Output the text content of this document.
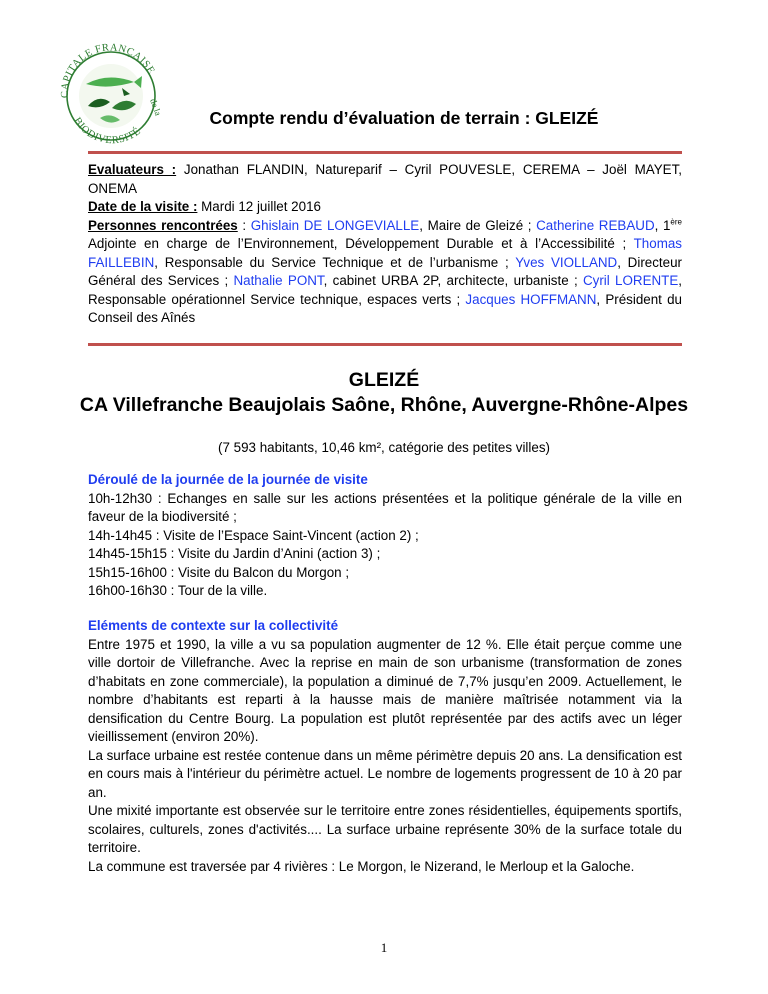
CAPITALE FRANÇAISE
de la
BIODIVERSITÉ
Compte rendu d’évaluation de terrain : GLEIZÉ
Evaluateurs : Jonathan FLANDIN, Natureparif – Cyril POUVESLE, CEREMA – Joël MAYET, ONEMA
Date de la visite : Mardi 12 juillet 2016
Personnes rencontrées : Ghislain DE LONGEVIALLE, Maire de Gleizé ; Catherine REBAUD, 1ère Adjointe en charge de l’Environnement, Développement Durable et à l’Accessibilité ; Thomas FAILLEBIN, Responsable du Service Technique et de l’urbanisme ; Yves VIOLLAND, Directeur Général des Services ; Nathalie PONT, cabinet URBA 2P, architecte, urbaniste ; Cyril LORENTE, Responsable opérationnel Service technique, espaces verts ; Jacques HOFFMANN, Président du Conseil des Aînés
GLEIZÉ
CA Villefranche Beaujolais Saône, Rhône, Auvergne-Rhône-Alpes
(7 593 habitants, 10,46 km², catégorie des petites villes)
Déroulé de la journée de la journée de visite
10h-12h30 : Echanges en salle sur les actions présentées et la politique générale de la ville en faveur de la biodiversité ;
14h-14h45 : Visite de l’Espace Saint-Vincent (action 2) ;
14h45-15h15 : Visite du Jardin d’Anini (action 3) ;
15h15-16h00 : Visite du Balcon du Morgon ;
16h00-16h30 : Tour de la ville.
Eléments de contexte sur la collectivité
Entre 1975 et 1990, la ville a vu sa population augmenter de 12 %. Elle était perçue comme une ville dortoir de Villefranche. Avec la reprise en main de son urbanisme (transformation de zones d’habitats en zone commerciale), la population a diminué de 7,7% jusqu’en 2009. Actuellement, le nombre d’habitants est reparti à la hausse mais de manière maîtrisée notamment via la densification du Centre Bourg. La population est plutôt représentée par des actifs avec un léger vieillissement (environ 20%).
La surface urbaine est restée contenue dans un même périmètre depuis 20 ans. La densification est en cours mais à l'intérieur du périmètre actuel. Le nombre de logements progressent de 10 à 20 par an.
Une mixité importante est observée sur le territoire entre zones résidentielles, équipements sportifs, scolaires, culturels, zones d'activités.... La surface urbaine représente 30% de la surface totale du territoire.
La commune est traversée par 4 rivières : Le Morgon, le Nizerand, le Merloup et la Galoche.
1
